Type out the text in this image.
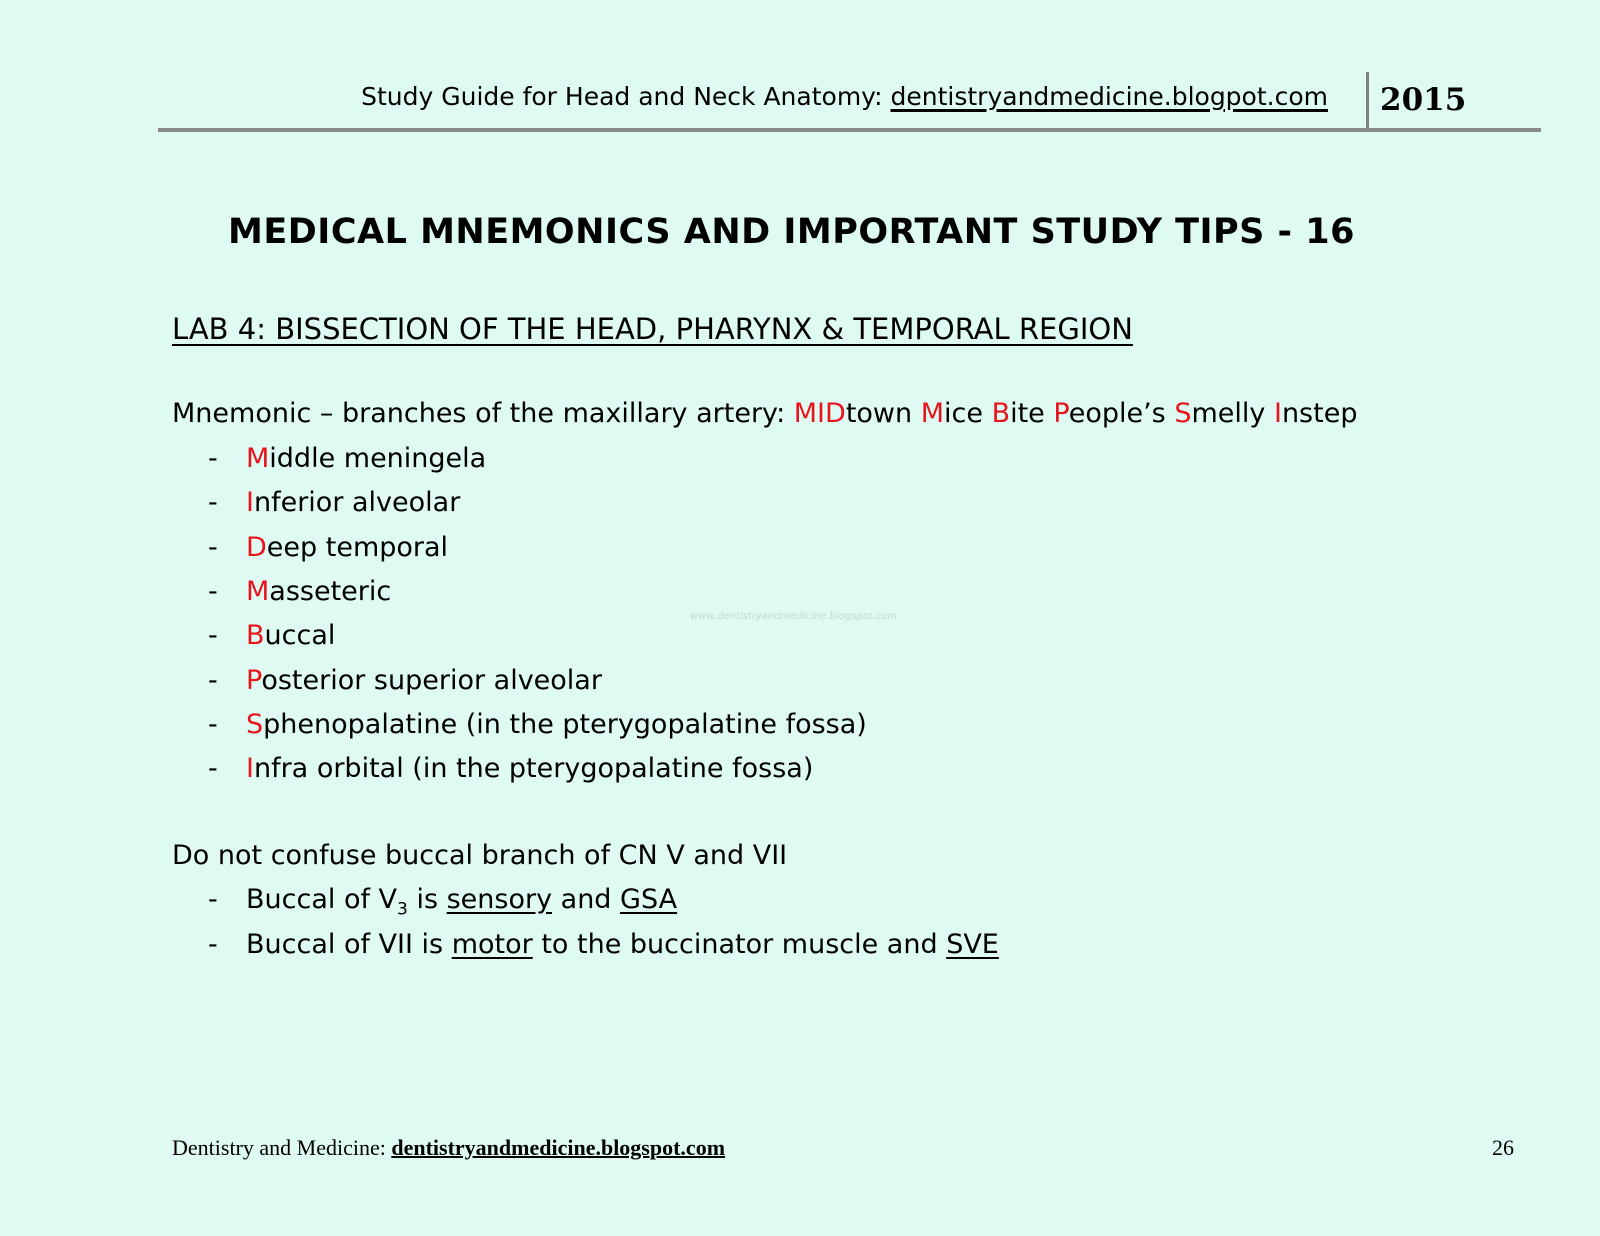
Study Guide for Head and Neck Anatomy: dentistryandmedicine.blogpot.com 2015
MEDICAL MNEMONICS AND IMPORTANT STUDY TIPS - 16
LAB 4: BISSECTION OF THE HEAD, PHARYNX & TEMPORAL REGION
Mnemonic – branches of the maxillary artery: MIDtown Mice Bite People’s Smelly Instep
- Middle meningela
- Inferior alveolar
- Deep temporal
- Masseteric
- Buccal
- Posterior superior alveolar
- Sphenopalatine (in the pterygopalatine fossa)
- Infra orbital (in the pterygopalatine fossa)
Do not confuse buccal branch of CN V and VII
- Buccal of $V_3$ is sensory and GSA
- Buccal of VII is motor to the buccinator muscle and SVE
www.dentistryandmedicine.blogspot.com
Dentistry and Medicine: dentistryandmedicine.blogspot.com	26
